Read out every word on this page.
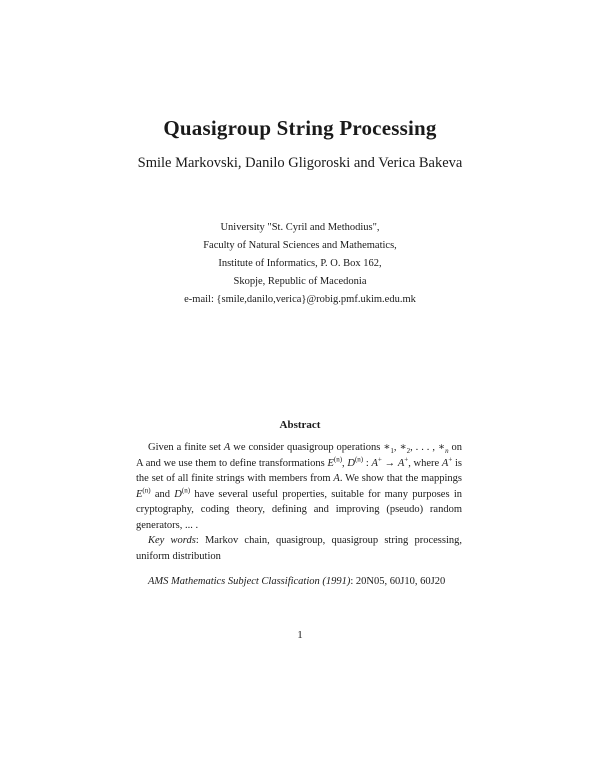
Quasigroup String Processing
Smile Markovski, Danilo Gligoroski and Verica Bakeva
University "St. Cyril and Methodius",
Faculty of Natural Sciences and Mathematics,
Institute of Informatics, P. O. Box 162,
Skopje, Republic of Macedonia
e-mail: {smile,danilo,verica}@robig.pmf.ukim.edu.mk
Abstract

Given a finite set A we consider quasigroup operations $∗_1$, $∗_2$, . . . , $∗_n$ on A and we use them to define transformations $E^{(n)}$, $D^{(n)}$ : A+ → A+, where A+ is the set of all finite strings with members from A. We show that the mappings $E^{(n)}$ and $D^{(n)}$ have several useful properties, suitable for many purposes in cryptography, coding theory, defining and improving (pseudo) random generators, ... .

Key words: Markov chain, quasigroup, quasigroup string processing, uniform distribution
AMS Mathematics Subject Classification (1991): 20N05, 60J10, 60J20
1
